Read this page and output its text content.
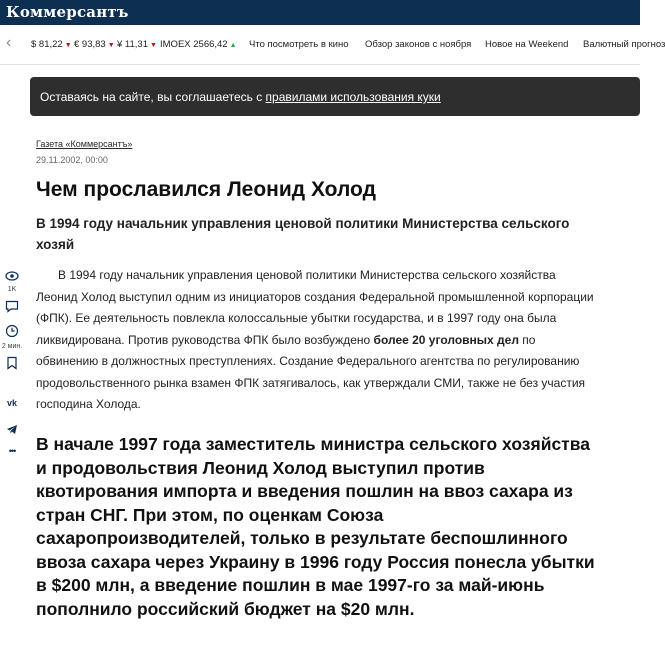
Коммерсантъ
‹ $ 81,22 ▼ € 93,83 ▼ ¥ 11,31 ▼ IMOEX 2566,42 ▲ Что посмотреть в кино Обзор законов с ноября Новое на Weekend Валютный прогноз
Оставаясь на сайте, вы соглашаетесь с правилами использования куки
1K
2 мин.
vk
•••
Газета «Коммерсантъ»
29.11.2002, 00:00
Чем прославился Леонид Холод
В 1994 году начальник управления ценовой политики Министерства сельского хозяй

В 1994 году начальник управления ценовой политики Министерства сельского хозяйства Леонид Холод выступил одним из инициаторов создания Федеральной промышленной корпорации (ФПК). Ее деятельность повлекла колоссальные убытки государства, и в 1997 году она была ликвидирована. Против руководства ФПК было возбуждено более 20 уголовных дел по обвинению в должностных преступлениях. Создание Федерального агентства по регулированию продовольственного рынка взамен ФПК затягивалось, как утверждали СМИ, также не без участия господина Холода.

В начале 1997 года заместитель министра сельского хозяйства и продовольствия Леонид Холод выступил против квотирования импорта и введения пошлин на ввоз сахара из стран СНГ. При этом, по оценкам Союза сахаропроизводителей, только в результате беспошлинного ввоза сахара через Украину в 1996 году Россия понесла убытки в $200 млн, а введение пошлин в мае 1997-го за май-июнь пополнило российский бюджет на $20 млн.
